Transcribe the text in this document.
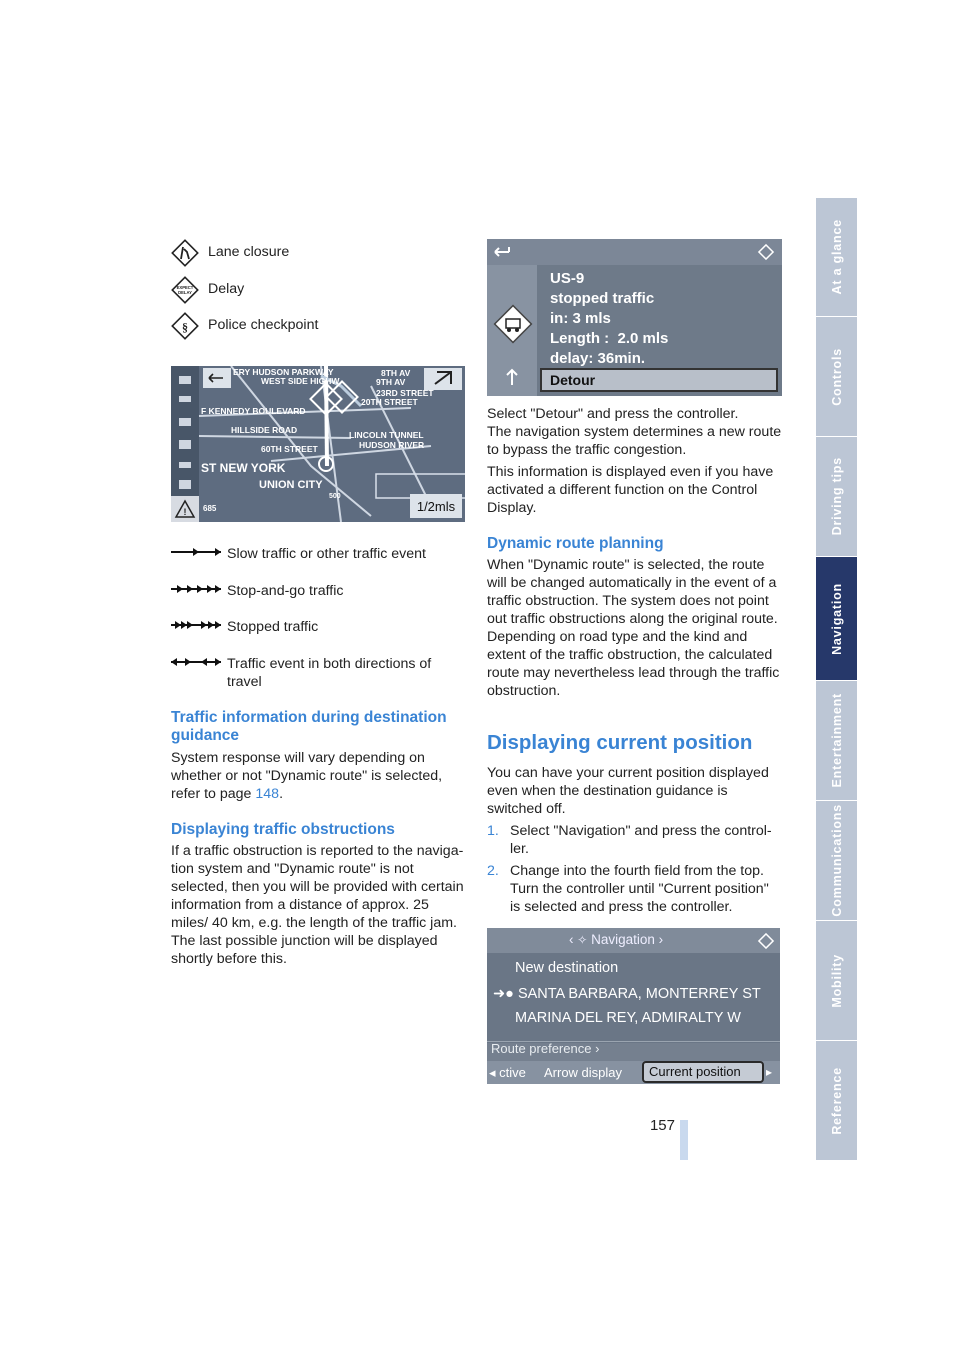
Lane closure
EXPECT
DELAY Delay
§ Police checkpoint
!	1/2mls
ERY HUDSON PARKWAY
WEST SIDE HIGHW
8TH AV
9TH AV
23RD STREET
20TH STREET
F KENNEDY BOULEVARD
HILLSIDE ROAD	LINCOLN TUNNEL
HUDSON RIVER
60TH STREET
ST NEW YORK
UNION CITY
685
500
Slow traffic or other traffic event
Stop-and-go traffic
Stopped traffic
Traffic event in both directions of travel
Traffic information during destination guidance
System response will vary depending on whether or not "Dynamic route" is selected, refer to page 148.
Displaying traffic obstructions
If a traffic obstruction is reported to the naviga-tion system and "Dynamic route" is not selected, then you will be provided with certain information from a distance of approx. 25 miles/ 40 km, e.g. the length of the traffic jam.
The last possible junction will be displayed shortly before this.
US-9
stopped traffic
in: 3 mls
Length :  2.0 mls
delay: 36min.
Detour
Select "Detour" and press the controller.
The navigation system determines a new route to bypass the traffic congestion.
This information is displayed even if you have activated a different function on the Control Display.
Dynamic route planning
When "Dynamic route" is selected, the route will be changed automatically in the event of a traffic obstruction. The system does not point out traffic obstructions along the original route. Depending on road type and the kind and extent of the traffic obstruction, the calculated route may nevertheless lead through the traffic obstruction.
Displaying current position
You can have your current position displayed even when the destination guidance is switched off.
1. Select "Navigation" and press the control-ler.
2. Change into the fourth field from the top. Turn the controller until "Current position" is selected and press the controller.
‹ ✧ Navigation ›
New destination
➜● SANTA BARBARA, MONTERREY ST
MARINA DEL REY, ADMIRALTY W
Route preference ›
◂ ctive Arrow display	Current position	▸
At a glance
Controls
Driving tips
Navigation
Entertainment
Communications
Mobility
Reference
157
